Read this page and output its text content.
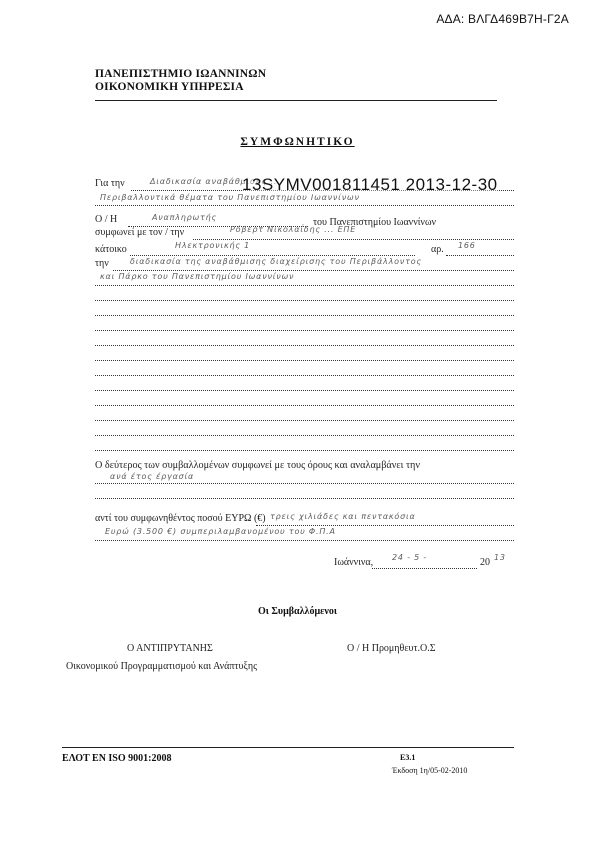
ΑΔΑ: ΒΛΓΔ469Β7Η-Γ2Α
ΠΑΝΕΠΙΣΤΗΜΙΟ ΙΩΑΝΝΙΝΩΝ
ΟΙΚΟΝΟΜΙΚΗ ΥΠΗΡΕΣΙΑ
ΣΥΜΦΩΝΗΤΙΚΟ
Για την	Διαδικασία αναβάθμισης ...
Περιβαλλοντικά θέματα του Πανεπιστημίου Ιωαννίνων
Ο / Η	Αναπληρωτής	του Πανεπιστημίου Ιωαννίνων
συμφωνεί με τον / την	Ρόβερτ Νικολαΐδης ... ΕΠΕ
κάτοικο	Ηλεκτρονικής 1	αρ. 166
την	διαδικασία της αναβάθμισης διαχείρισης του Περιβάλλοντος
και Πάρκο του Πανεπιστημίου Ιωαννίνων
Ο δεύτερος των συμβαλλομένων συμφωνεί με τους όρους και αναλαμβάνει την
ανά έτος έργασία
αντί του συμφωνηθέντος ποσού ΕΥΡΩ (€) τρεις χιλιάδες και πεντακόσια
Ευρώ (3.500 €) συμπεριλαμβανομένου του Φ.Π.Α
Ιωάννινα, 24 - 5 -	20 13
Οι Συμβαλλόμενοι
Ο ΑΝΤΙΠΡΥΤΑΝΗΣ
Οικονομικού Προγραμματισμού και Ανάπτυξης
Ο / Η Προμηθευτ.Ο.Σ
ΕΛΟΤ ΕΝ ISO 9001:2008	Ε3.1
Έκδοση 1η/05-02-2010
13SYMV001811451 2013-12-30
